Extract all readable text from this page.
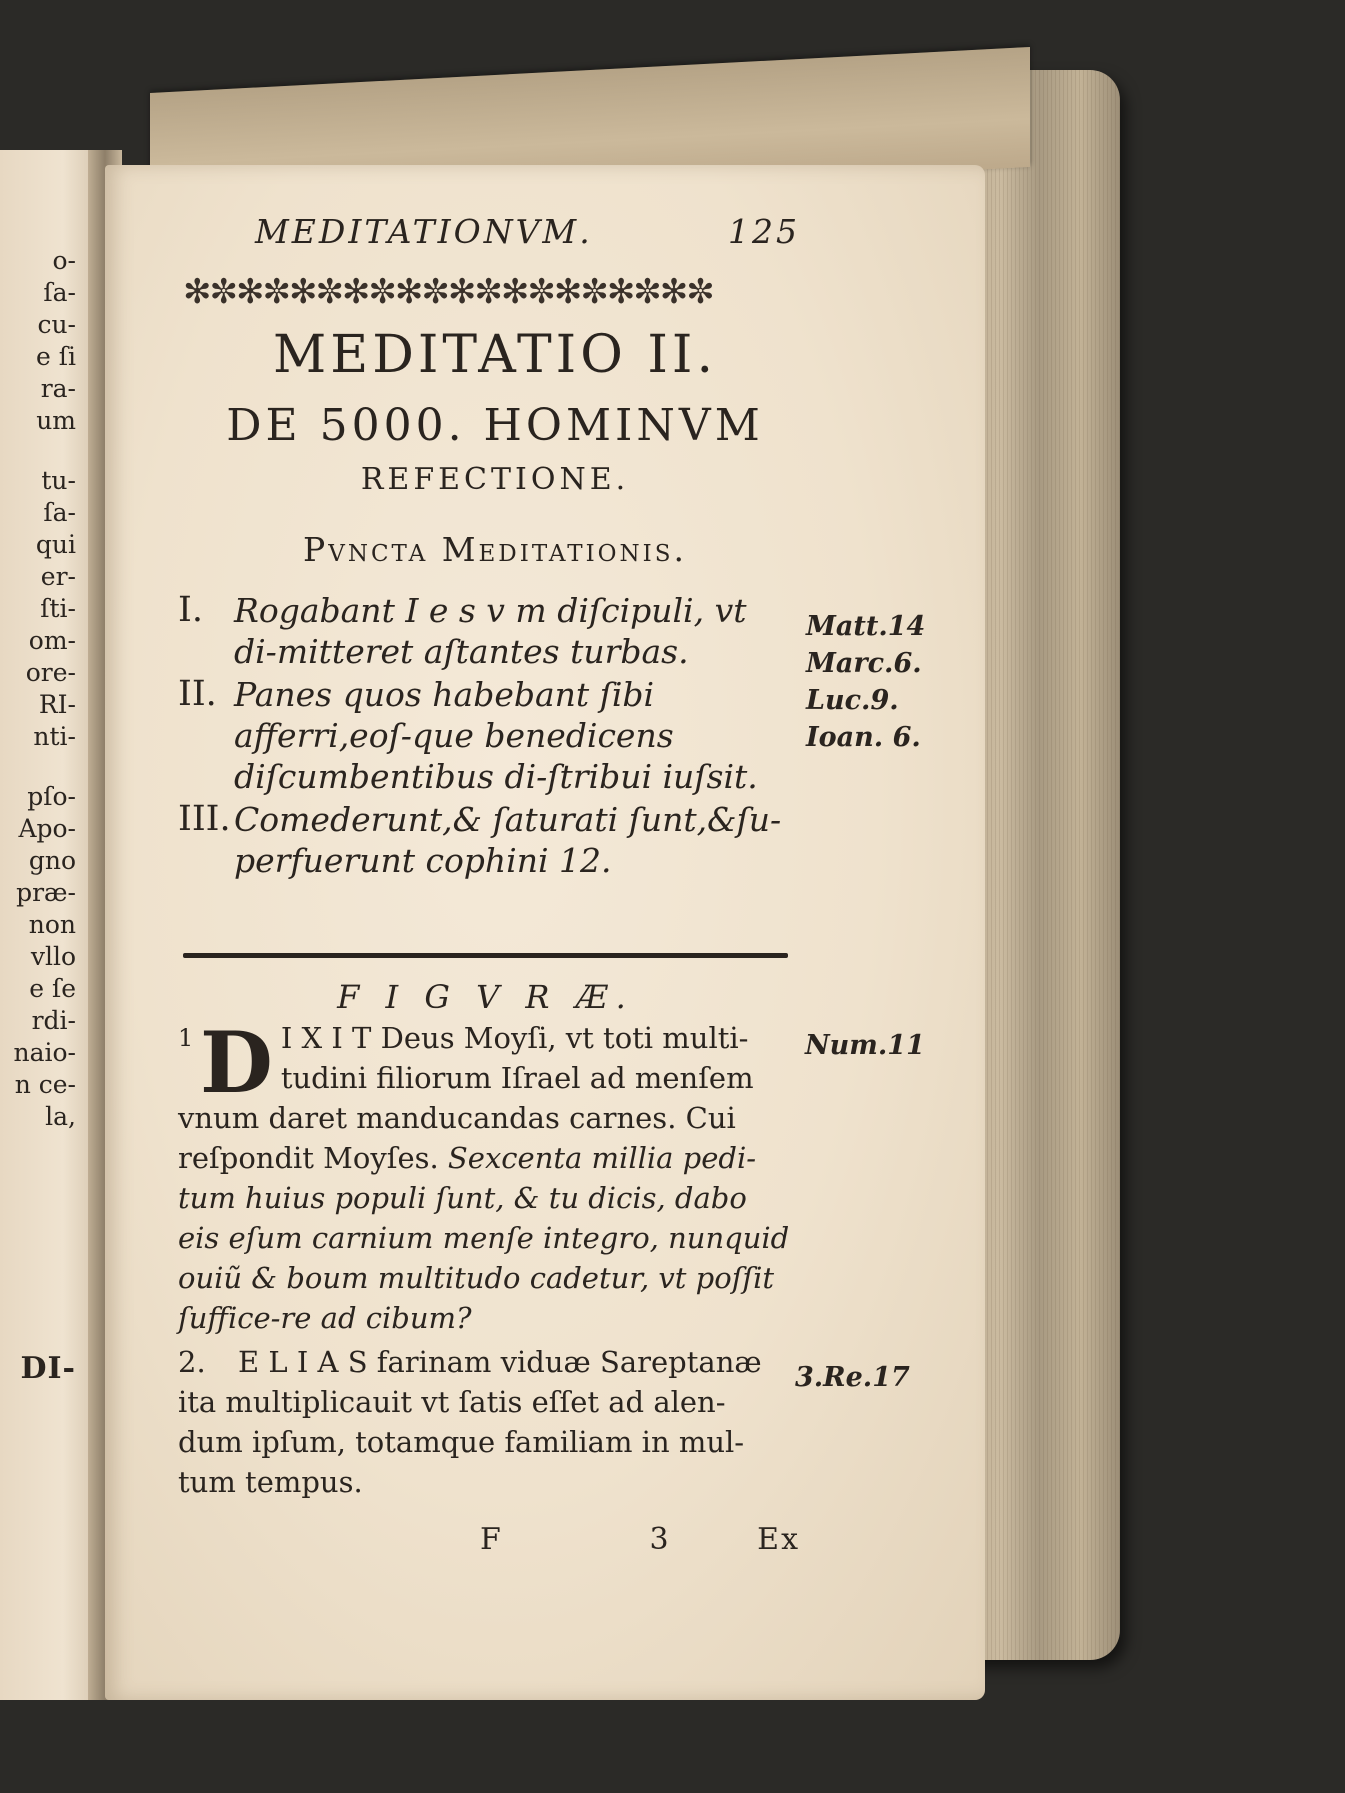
o-
ſa-
cu-
e ſi
ra-
um
tu-
ſa-
qui
er-
ſti-
om-
ore-
RI-
nti-
pſo-
Apo-
gno
præ-
non
vllo
e ſe
rdi-
naio-
n ce-
la,
DI-
MEDITATIONVM.	125
✻✼✻✼✻✼✻✼✻✼✻✼✻✼✻✼✻✼✻✼
MEDITATIO II.
DE 5000. HOMINVM
REFECTIONE.
Pvncta Meditationis.
I. Rogabant I e s v m diſcipuli, vt di-mitteret aſtantes turbas.
II. Panes quos habebant ſibi afferri,eoſ-que benedicens diſcumbentibus di-ſtribui iuſsit.
III. Comederunt,& ſaturati ſunt,&ſu-perfuerunt cophini 12.
Matt.14
Marc.6.
Luc.9.
Ioan. 6.
F I G V R Æ.

1 D I X I T Deus Moyſi, vt toti multi-tudini filiorum Iſrael ad menſem vnum daret manducandas carnes. Cui reſpondit Moyſes. Sexcenta millia pedi-tum huius populi ſunt, & tu dicis, dabo eis eſum carnium menſe integro, nunquid ouiũ & boum multitudo cadetur, vt poſſit ſuffice-re ad cibum?

2. E L I A S farinam viduæ Sareptanæ ita multiplicauit vt ſatis eſſet ad alen-dum ipſum, totamque familiam in mul-tum tempus.

Num.11
3.Re.17
F	3	Ex
